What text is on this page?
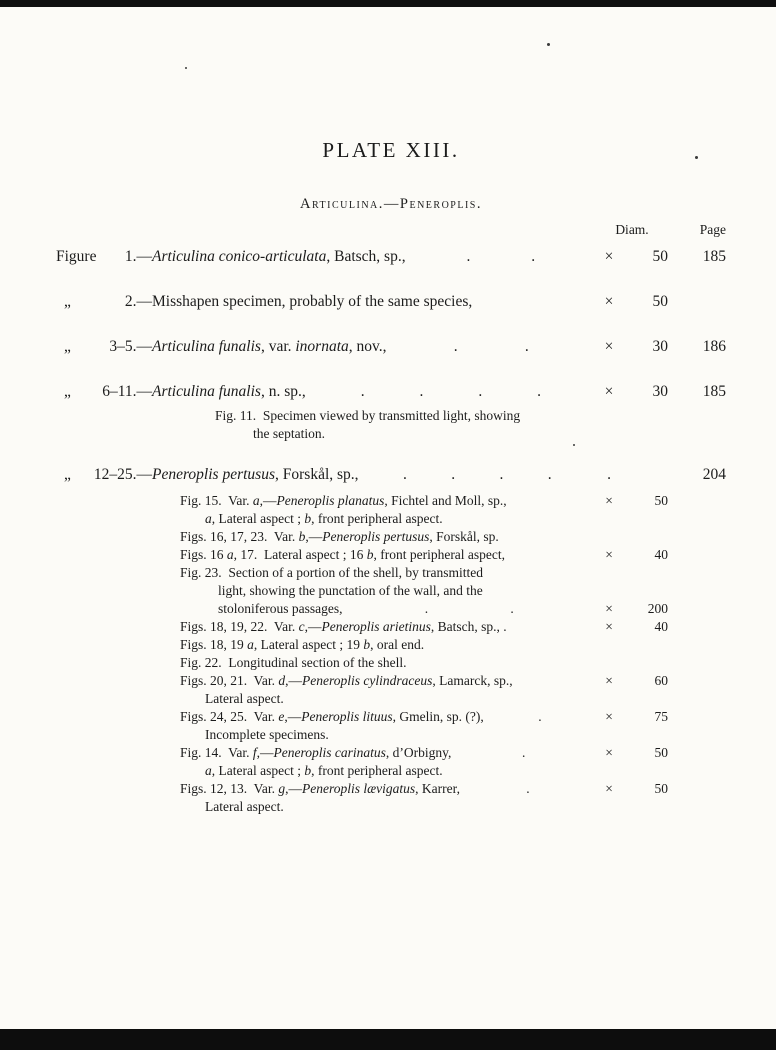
PLATE XIII.
Articulina.—Peneroplis.
Diam.	Page
Figure	1.— Articulina conico-articulata, Batsch, sp.,	.	.	×	50	185
„	2.— Misshapen specimen, probably of the same species,	×	50
„	3–5.— Articulina funalis, var. inornata, nov.,	.	.	×	30	186
„	6–11.— Articulina funalis, n. sp.,	.	.	.	.	×	30	185
Fig. 11.  Specimen viewed by transmitted light, showing
the septation.
„	12–25.— Peneroplis pertusus, Forskål, sp.,	.	.	.	.	.	204
Fig. 15.  Var. a,—Peneroplis planatus, Fichtel and Moll, sp.,	×	50
a, Lateral aspect ; b, front peripheral aspect.
Figs. 16, 17, 23.  Var. b,—Peneroplis pertusus, Forskål, sp.
Figs. 16 a, 17.  Lateral aspect ; 16 b, front peripheral aspect,	×	40
Fig. 23.  Section of a portion of the shell, by transmitted
light, showing the punctation of the wall, and the
stoloniferous passages,	.	.	×	200
Figs. 18, 19, 22.  Var. c,—Peneroplis arietinus, Batsch, sp., .	×	40
Figs. 18, 19 a, Lateral aspect ; 19 b, oral end.
Fig. 22.  Longitudinal section of the shell.
Figs. 20, 21.  Var. d,—Peneroplis cylindraceus, Lamarck, sp.,	×	60
Lateral aspect.
Figs. 24, 25.  Var. e,—Peneroplis lituus, Gmelin, sp. (?),	.	×	75
Incomplete specimens.
Fig. 14.  Var. f,—Peneroplis carinatus, d’Orbigny,	.	×	50
a, Lateral aspect ; b, front peripheral aspect.
Figs. 12, 13.  Var. g,—Peneroplis lævigatus, Karrer,	.	×	50
Lateral aspect.
